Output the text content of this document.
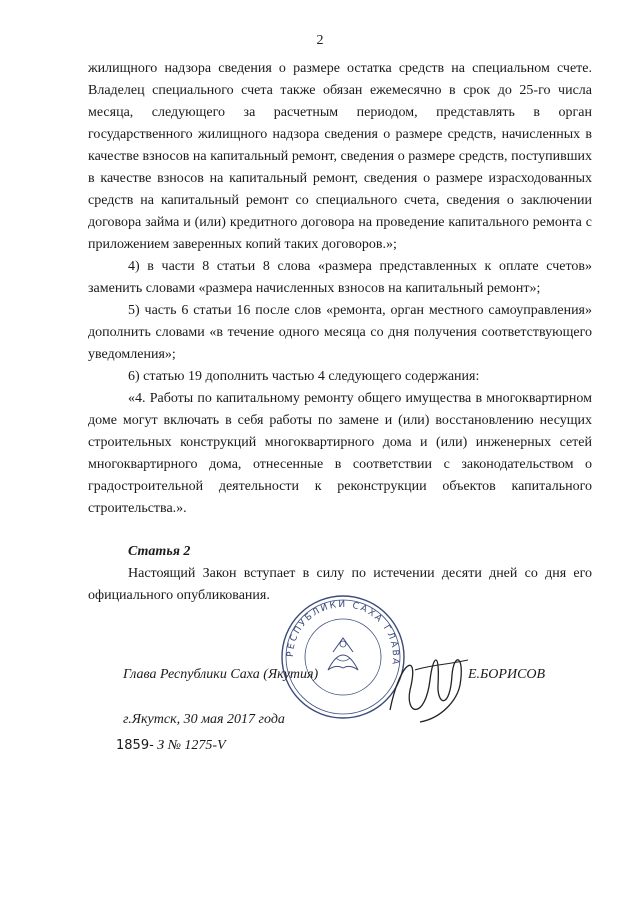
2

жилищного надзора сведения о размере остатка средств на специальном счете. Владелец специального счета также обязан ежемесячно в срок до 25-го числа месяца, следующего за расчетным периодом, представлять в орган государственного жилищного надзора сведения о размере средств, начисленных в качестве взносов на капитальный ремонт, сведения о размере средств, поступивших в качестве взносов на капитальный ремонт, сведения о размере израсходованных средств на капитальный ремонт со специального счета, сведения о заключении договора займа и (или) кредитного договора на проведение капитального ремонта с приложением заверенных копий таких договоров.»;

4) в части 8 статьи 8 слова «размера представленных к оплате счетов» заменить словами «размера начисленных взносов на капитальный ремонт»;

5) часть 6 статьи 16 после слов «ремонта, орган местного самоуправления» дополнить словами «в течение одного месяца со дня получения соответствующего уведомления»;

6) статью 19 дополнить частью 4 следующего содержания:

«4. Работы по капитальному ремонту общего имущества в многоквартирном доме могут включать в себя работы по замене и (или) восстановлению несущих строительных конструкций многоквартирного дома и (или) инженерных сетей многоквартирного дома, отнесенные в соответствии с законодательством о градостроительной деятельности к реконструкции объектов капитального строительства.».

Статья 2

Настоящий Закон вступает в силу по истечении десяти дней со дня его официального опубликования.

РЕСПУБЛИКИ САХА ГЛАВА
Глава Республики Саха (Якутия)	Е.БОРИСОВ
г.Якутск, 30 мая 2017 года
1859- З № 1275-V
